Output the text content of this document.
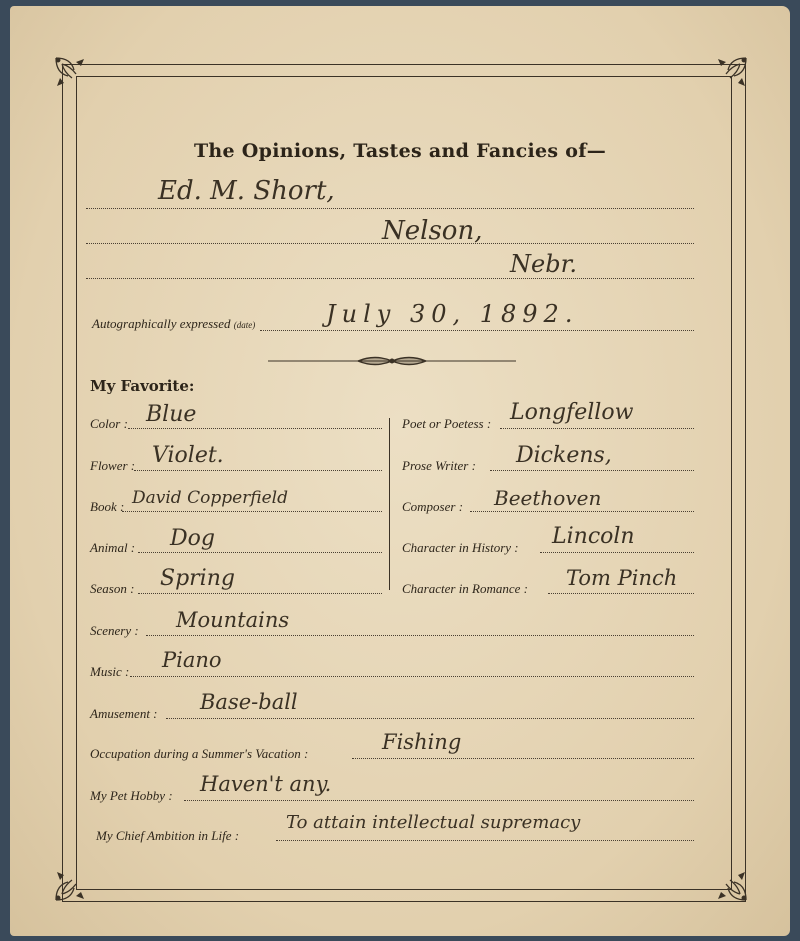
The Opinions, Tastes and Fancies of—
Ed. M. Short,
Nelson,
Nebr.
Autographically expressed (date)	July 30, 1892.
My Favorite:
Color : Blue
Flower : Violet.
Book : David Copperfield
Animal : Dog
Season : Spring
Poet or Poetess : Longfellow
Prose Writer : Dickens,
Composer : Beethoven
Character in History : Lincoln
Character in Romance : Tom Pinch
Scenery : Mountains
Music : Piano
Amusement : Base-ball
Occupation during a Summer's Vacation :	Fishing
My Pet Hobby : Haven't any.
My Chief Ambition in Life :
To attain intellectual supremacy
